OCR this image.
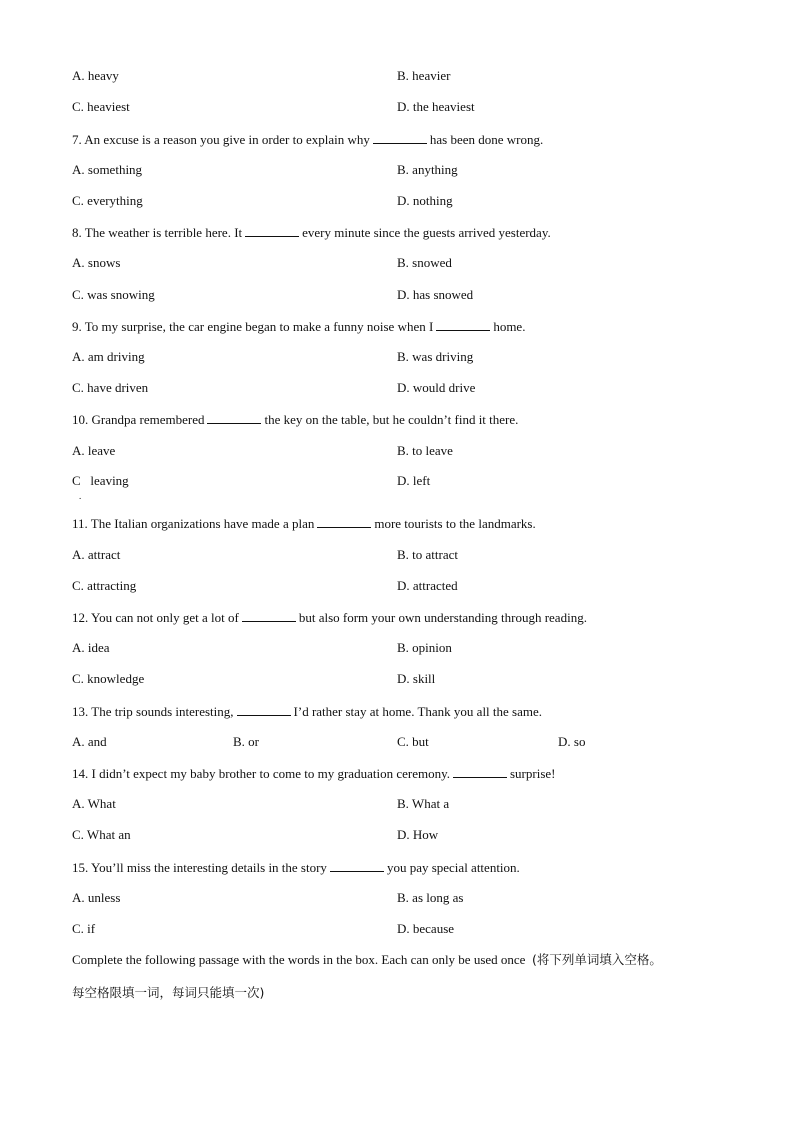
A. heavy	B. heavier
C. heaviest	D. the heaviest
7. An excuse is a reason you give in order to explain why	has been done wrong.
A. something	B. anything
C. everything	D. nothing
8. The weather is terrible here. It	every minute since the guests arrived yesterday.
A. snows	B. snowed
C. was snowing	D. has snowed
9. To my surprise, the car engine began to make a funny noise when I	home.
A. am driving	B. was driving
C. have driven	D. would drive
10. Grandpa remembered	the key on the table, but he couldn’t find it there.
A. leave	B. to leave
C   leaving	D. left
.
11. The Italian organizations have made a plan	more tourists to the landmarks.
A. attract	B. to attract
C. attracting	D. attracted
12. You can not only get a lot of	but also form your own understanding through reading.
A. idea	B. opinion
C. knowledge	D. skill
13. The trip sounds interesting,	I’d rather stay at home. Thank you all the same.
A. and	B. or	C. but	D. so
14. I didn’t expect my baby brother to come to my graduation ceremony.	surprise!
A. What	B. What a
C. What an	D. How
15. You’ll miss the interesting details in the story	you pay special attention.
A. unless	B. as long as
C. if	D. because
Complete the following passage with the words in the box. Each can only be used once (将下列单词填入空格。
每空格限填一词，每词只能填一次)
